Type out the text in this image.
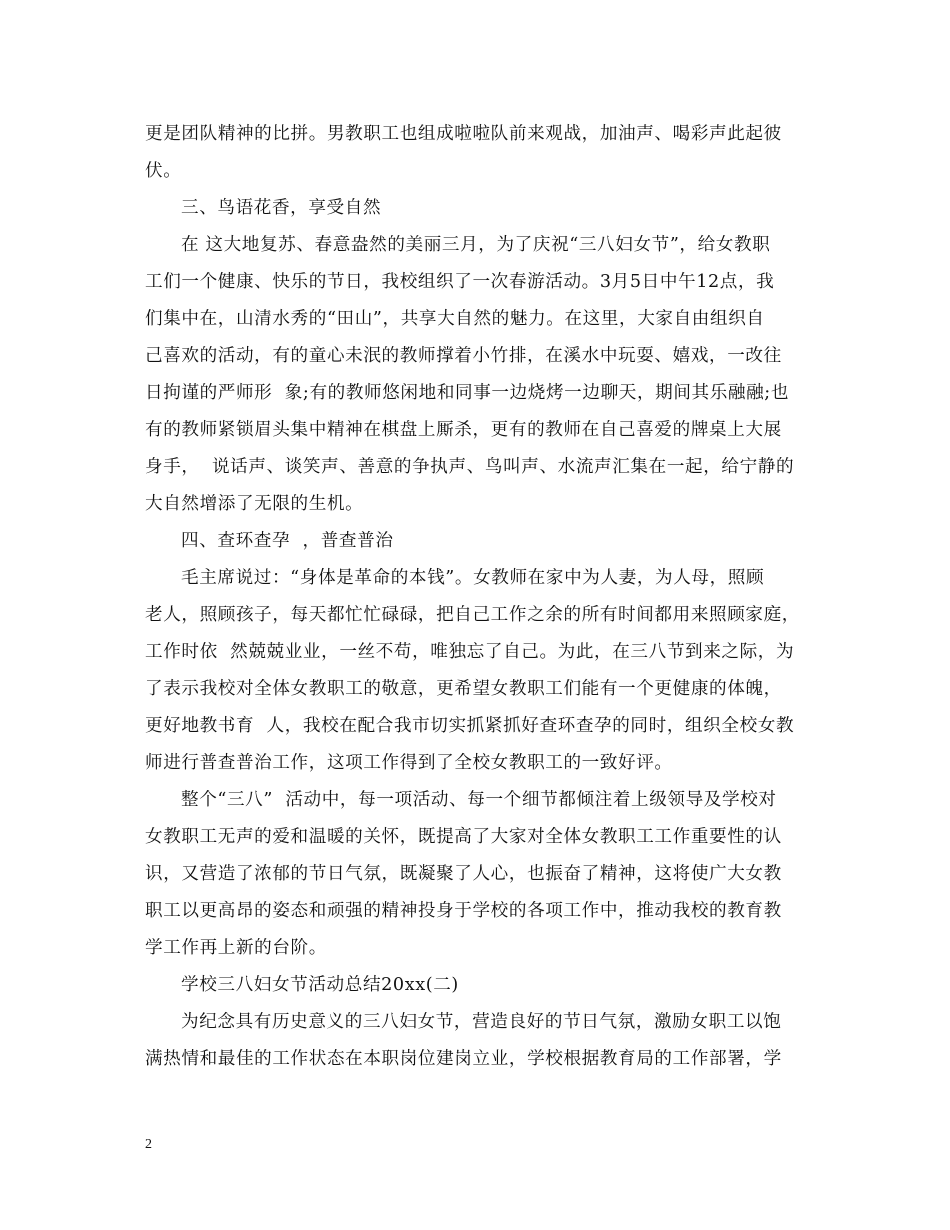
更是团队精神的比拼。男教职工也组成啦啦队前来观战，加油声、喝彩声此起彼
伏。
三、鸟语花香，享受自然
在 这大地复苏、春意盎然的美丽三月，为了庆祝“三八妇女节”，给女教职
工们一个健康、快乐的节日，我校组织了一次春游活动。3月5日中午12点，我
们集中在，山清水秀的“田山”，共享大自然的魅力。在这里，大家自由组织自
己喜欢的活动，有的童心未泯的教师撑着小竹排，在溪水中玩耍、嬉戏，一改往
日拘谨的严师形  象;有的教师悠闲地和同事一边烧烤一边聊天，期间其乐融融;也
有的教师紧锁眉头集中精神在棋盘上厮杀，更有的教师在自己喜爱的牌桌上大展
身手，  说话声、谈笑声、善意的争执声、鸟叫声、水流声汇集在一起，给宁静的
大自然增添了无限的生机。
四、查环查孕  ，普查普治
毛主席说过：“身体是革命的本钱”。女教师在家中为人妻，为人母，照顾
老人，照顾孩子，每天都忙忙碌碌，把自己工作之余的所有时间都用来照顾家庭，
工作时依  然兢兢业业，一丝不苟，唯独忘了自己。为此，在三八节到来之际，为
了表示我校对全体女教职工的敬意，更希望女教职工们能有一个更健康的体魄，
更好地教书育  人，我校在配合我市切实抓紧抓好查环查孕的同时，组织全校女教
师进行普查普治工作，这项工作得到了全校女教职工的一致好评。
整个“三八”  活动中，每一项活动、每一个细节都倾注着上级领导及学校对
女教职工无声的爱和温暖的关怀，既提高了大家对全体女教职工工作重要性的认
识，又营造了浓郁的节日气氛，既凝聚了人心，也振奋了精神，这将使广大女教
职工以更高昂的姿态和顽强的精神投身于学校的各项工作中，推动我校的教育教
学工作再上新的台阶。
学校三八妇女节活动总结20xx(二)
为纪念具有历史意义的三八妇女节，营造良好的节日气氛，激励女职工以饱
满热情和最佳的工作状态在本职岗位建岗立业，学校根据教育局的工作部署，学
2
